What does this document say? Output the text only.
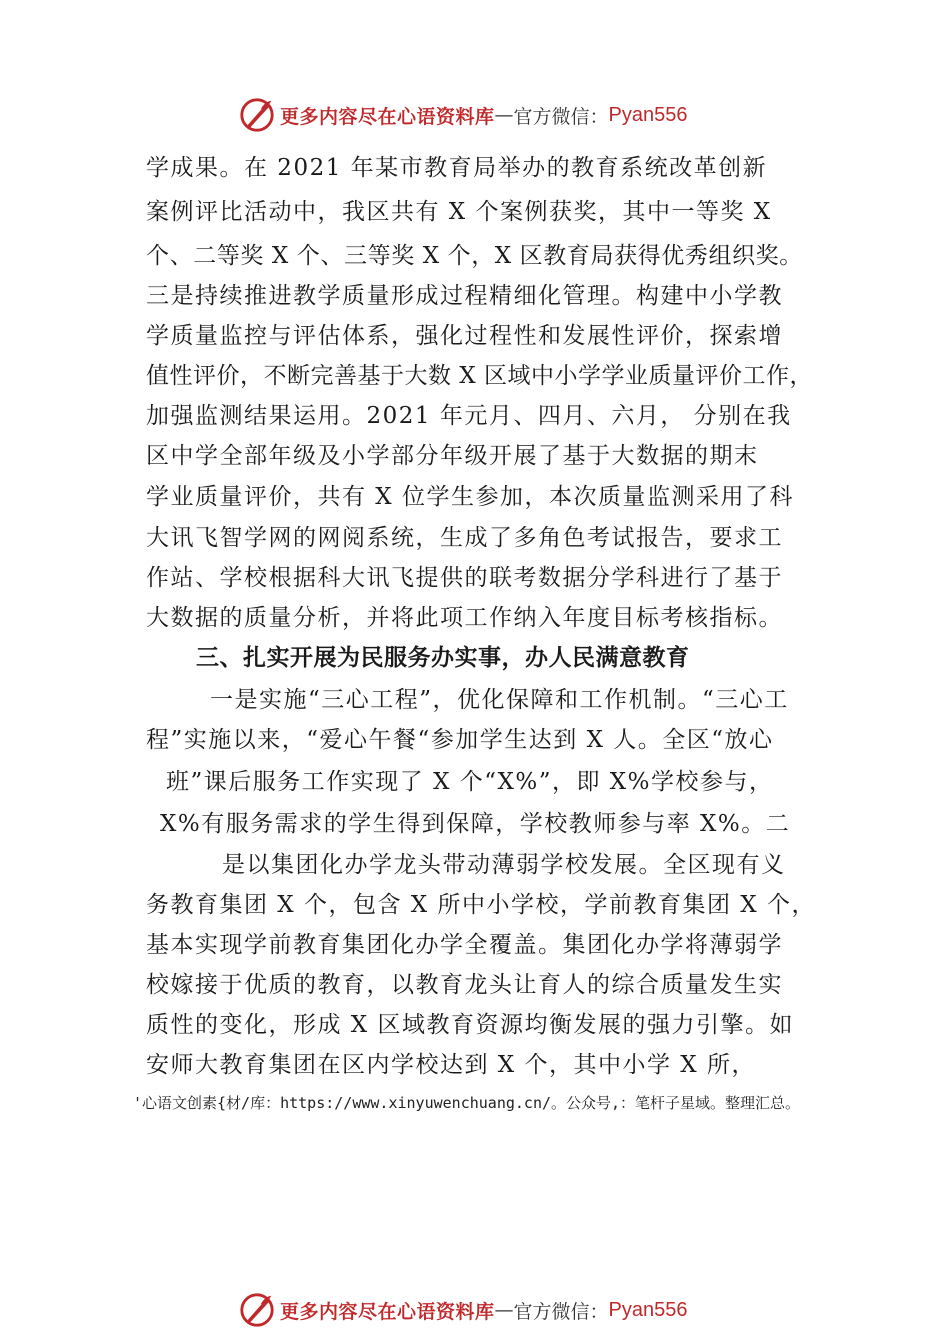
更多内容尽在心语资料库 — 官方微信： Pyan556
学成果。在 2021 年某市教育局举办的教育系统改革创新
案例评比活动中，我区共有 X 个案例获奖，其中一等奖 X
个、二等奖 X 个、三等奖 X 个，X 区教育局获得优秀组织奖。
三是持续推进教学质量形成过程精细化管理。构建中小学教
学质量监控与评估体系，强化过程性和发展性评价，探索增
值性评价，不断完善基于大数 X 区域中小学学业质量评价工作，
加强监测结果运用。2021 年元月、四月、六月， 分别在我
区中学全部年级及小学部分年级开展了基于大数据的期末
学业质量评价，共有 X 位学生参加，本次质量监测采用了科
大讯飞智学网的网阅系统，生成了多角色考试报告，要求工
作站、学校根据科大讯飞提供的联考数据分学科进行了基于
大数据的质量分析，并将此项工作纳入年度目标考核指标。
三、扎实开展为民服务办实事，办人民满意教育
一是实施“三心工程”，优化保障和工作机制。“三心工
程”实施以来，“爱心午餐“参加学生达到 X 人。全区“放心
班”课后服务工作实现了 X 个“X%”，即 X%学校参与，
X%有服务需求的学生得到保障，学校教师参与率 X%。二
是以集团化办学龙头带动薄弱学校发展。全区现有义
务教育集团 X 个，包含 X 所中小学校，学前教育集团 X 个，
基本实现学前教育集团化办学全覆盖。集团化办学将薄弱学
校嫁接于优质的教育，以教育龙头让育人的综合质量发生实
质性的变化，形成 X 区域教育资源均衡发展的强力引擎。如
安师大教育集团在区内学校达到 X 个，其中小学 X 所，
'心语文创素{材/库：https://www.xinyuwenchuang.cn/。公众号,：笔杆子星域。整理汇总。
更多内容尽在心语资料库 — 官方微信： Pyan556
